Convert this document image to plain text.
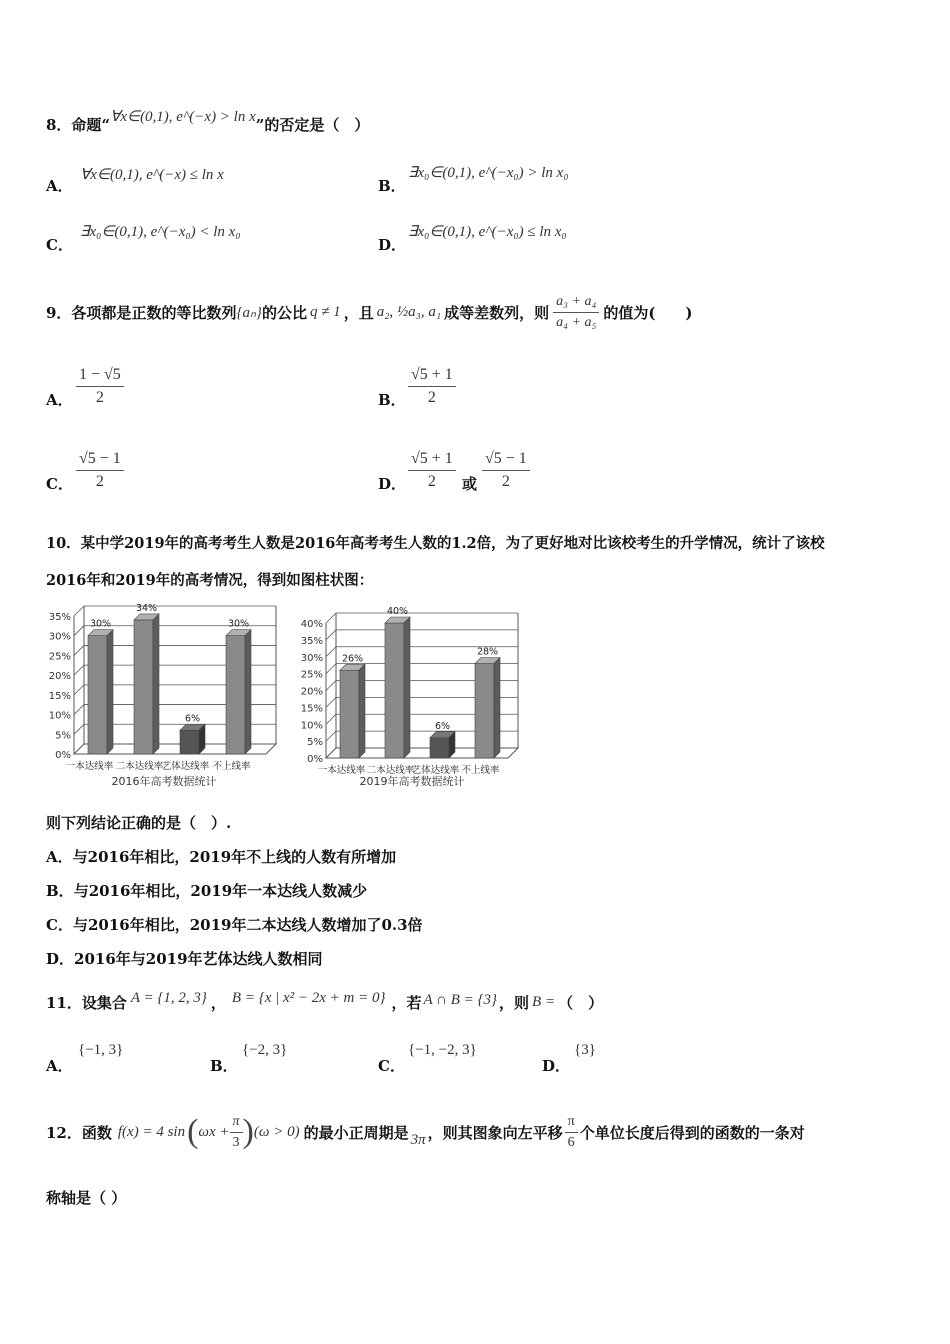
8．命题“∀x∈(0,1), e^(−x) > ln x”的否定是（　）
A．
∀x∈(0,1), e^(−x) ≤ ln x
B．
∃x₀∈(0,1), e^(−x₀) > ln x₀
C．
∃x₀∈(0,1), e^(−x₀) < ln x₀
D．
∃x₀∈(0,1), e^(−x₀) ≤ ln x₀
9．各项都是正数的等比数列 {aₙ} 的公比 q ≠ 1 ，且 a₂, ½a₃, a₁ 成等差数列，则 $\frac{\text{a₃ + a₄}}{\text{a₄ + a₅}}$ 的值为(　　)
A． $\frac{1 - √5}{2}$	B． $\frac{√5 + 1}{2}$
C． $\frac{√5 - 1}{2}$	D． $\frac{√5 + 1}{2}$ 或 $\frac{√5 - 1}{2}$
10．某中学2019年的高考考生人数是2016年高考考生人数的1.2倍，为了更好地对比该校考生的升学情况，统计了该校
2016年和2019年的高考情况，得到如图柱状图：
0%
5%
10%
15%
20%
25%
30%
35%
30%
34%
6%
30%
一本达线率 二本达线率
艺体达线率 不上线率
2016年高考数据统计
0%
5%
10%
15%
20%
25%
30%
35%
40%
26%
40%
6%
28%
一本达线率 二本达线率
艺体达线率 不上线率
2019年高考数据统计
则下列结论正确的是（　）.
A．与2016年相比，2019年不上线的人数有所增加
B．与2016年相比，2019年一本达线人数减少
C．与2016年相比，2019年二本达线人数增加了0.3倍
D．2016年与2019年艺体达线人数相同
11．设集合 A = {1, 2, 3} ， B = {x | x² − 2x + m = 0} ，若 A ∩ B = {3} ，则 B = （　）
A．
{−1, 3}
B．
{−2, 3}
C．
{−1, −2, 3}
D．
{3}
12．函数 f(x) = 4 sin ( $\omega x + \frac{\pi}{3}$ ) (ω > 0) 的最小正周期是 3π ，则其图象向左平移 $\frac{\pi}{6}$ 个单位长度后得到的函数的一条对
称轴是（ ）
